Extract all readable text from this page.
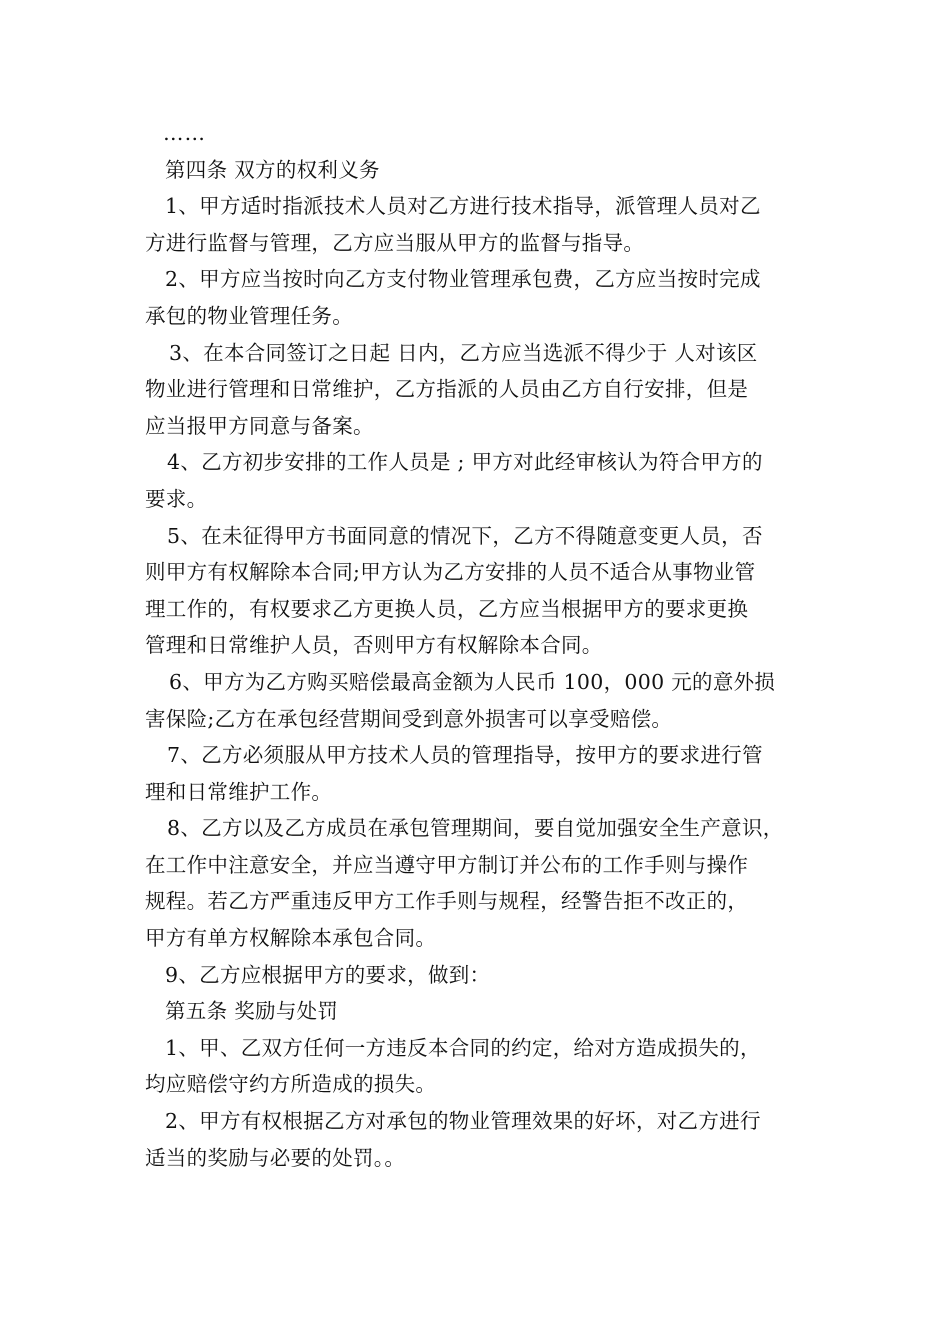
……
第四条 双方的权利义务
1、甲方适时指派技术人员对乙方进行技术指导，派管理人员对乙
方进行监督与管理，乙方应当服从甲方的监督与指导。
2、甲方应当按时向乙方支付物业管理承包费，乙方应当按时完成
承包的物业管理任务。
3、在本合同签订之日起 日内，乙方应当选派不得少于 人对该区
物业进行管理和日常维护，乙方指派的人员由乙方自行安排，但是
应当报甲方同意与备案。
4、乙方初步安排的工作人员是 ; 甲方对此经审核认为符合甲方的
要求。
5、在未征得甲方书面同意的情况下，乙方不得随意变更人员，否
则甲方有权解除本合同;甲方认为乙方安排的人员不适合从事物业管
理工作的，有权要求乙方更换人员，乙方应当根据甲方的要求更换
管理和日常维护人员，否则甲方有权解除本合同。
6、甲方为乙方购买赔偿最高金额为人民币 100，000 元的意外损
害保险;乙方在承包经营期间受到意外损害可以享受赔偿。
7、乙方必须服从甲方技术人员的管理指导，按甲方的要求进行管
理和日常维护工作。
8、乙方以及乙方成员在承包管理期间，要自觉加强安全生产意识，
在工作中注意安全，并应当遵守甲方制订并公布的工作手则与操作
规程。若乙方严重违反甲方工作手则与规程，经警告拒不改正的，
甲方有单方权解除本承包合同。
9、乙方应根据甲方的要求，做到：
第五条 奖励与处罚
1、甲、乙双方任何一方违反本合同的约定，给对方造成损失的，
均应赔偿守约方所造成的损失。
2、甲方有权根据乙方对承包的物业管理效果的好坏，对乙方进行
适当的奖励与必要的处罚。。
